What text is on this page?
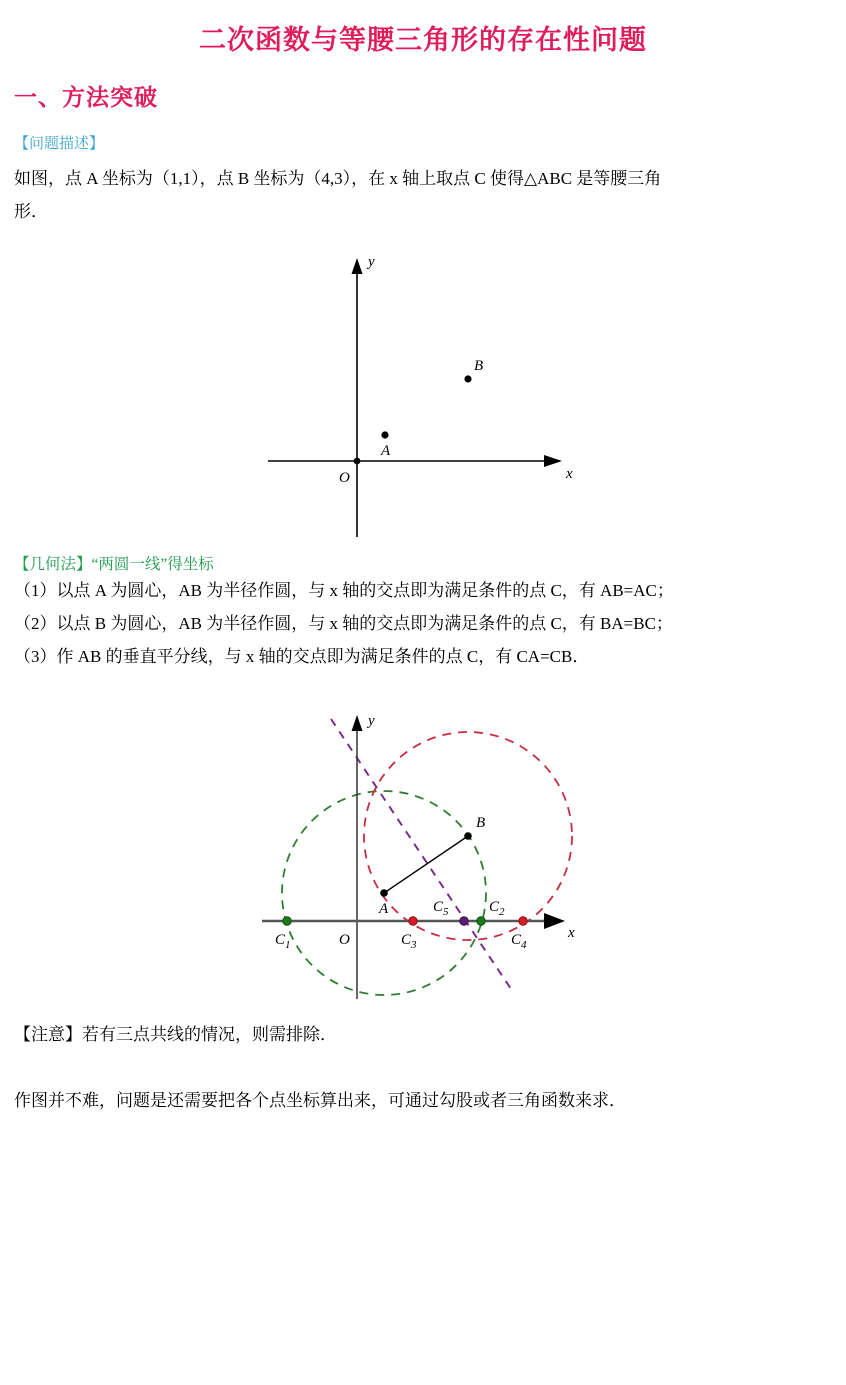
二次函数与等腰三角形的存在性问题
一、方法突破
【问题描述】

如图，点 A 坐标为（1,1），点 B 坐标为（4,3），在 x 轴上取点 C 使得△ABC 是等腰三角

形．

y
x
O
A
B
【几何法】“两圆一线”得坐标

（1）以点 A 为圆心，AB 为半径作圆，与 x 轴的交点即为满足条件的点 C，有 AB=AC；

（2）以点 B 为圆心，AB 为半径作圆，与 x 轴的交点即为满足条件的点 C，有 BA=BC；

（3）作 AB 的垂直平分线，与 x 轴的交点即为满足条件的点 C，有 CA=CB．

y
x
O
A
B
$C_1$	$C_3$
$C_5$	$C_2$
$C_4$

【注意】若有三点共线的情况，则需排除．

作图并不难，问题是还需要把各个点坐标算出来，可通过勾股或者三角函数来求．
